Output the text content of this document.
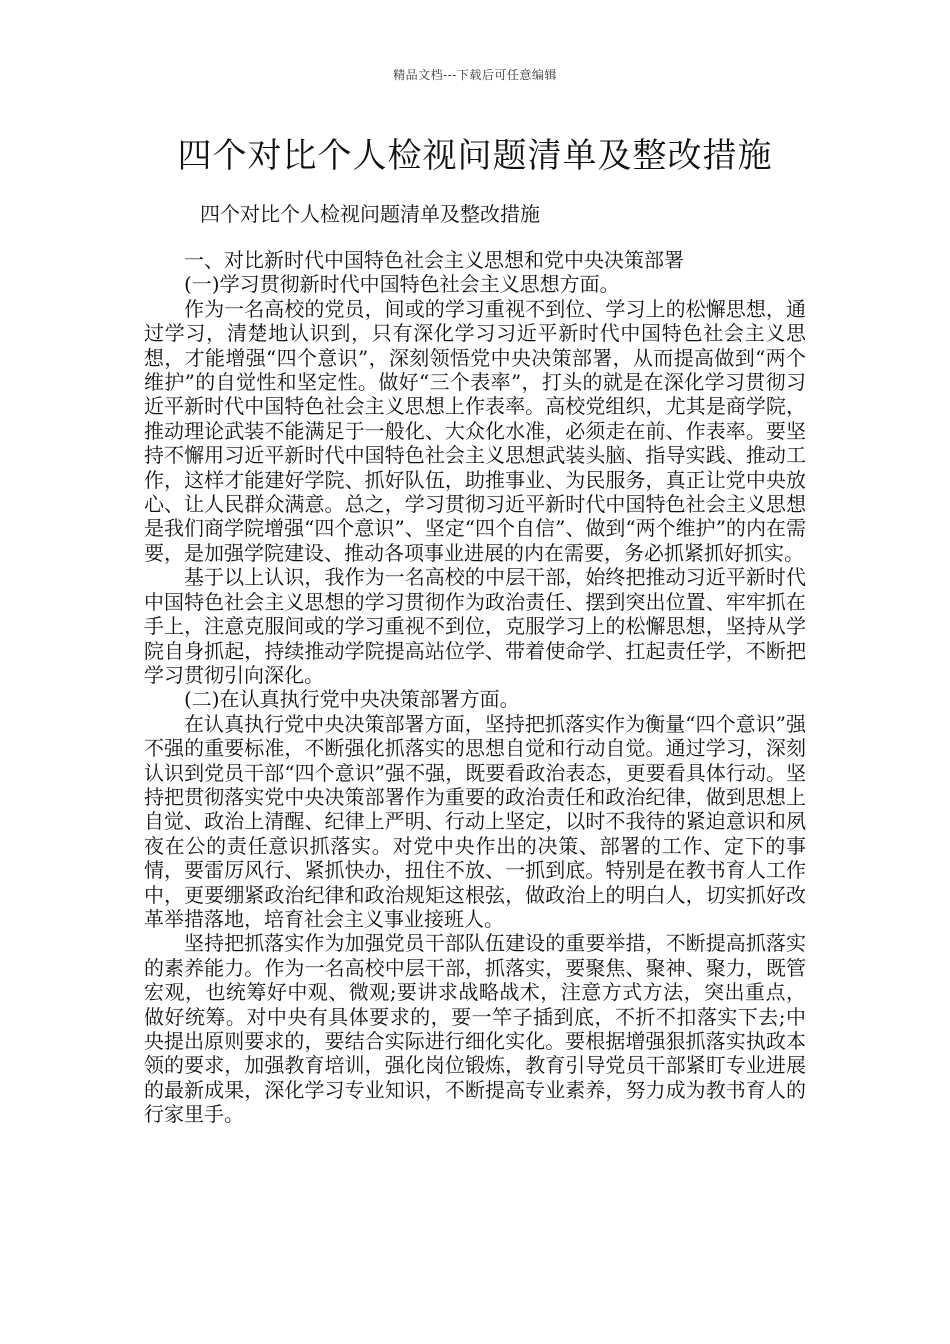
精品文档---下载后可任意编辑
四个对比个人检视问题清单及整改措施

四个对比个人检视问题清单及整改措施

一、对比新时代中国特色社会主义思想和党中央决策部署

(一)学习贯彻新时代中国特色社会主义思想方面。

作为一名高校的党员，间或的学习重视不到位、学习上的松懈思想，通过学习，清楚地认识到，只有深化学习习近平新时代中国特色社会主义思想，才能增强“四个意识”，深刻领悟党中央决策部署，从而提高做到“两个维护”的自觉性和坚定性。做好“三个表率”，打头的就是在深化学习贯彻习近平新时代中国特色社会主义思想上作表率。高校党组织，尤其是商学院，推动理论武装不能满足于一般化、大众化水准，必须走在前、作表率。要坚持不懈用习近平新时代中国特色社会主义思想武装头脑、指导实践、推动工作，这样才能建好学院、抓好队伍，助推事业、为民服务，真正让党中央放心、让人民群众满意。总之，学习贯彻习近平新时代中国特色社会主义思想是我们商学院增强“四个意识”、坚定“四个自信”、做到“两个维护”的内在需要，是加强学院建设、推动各项事业进展的内在需要，务必抓紧抓好抓实。

基于以上认识，我作为一名高校的中层干部，始终把推动习近平新时代中国特色社会主义思想的学习贯彻作为政治责任、摆到突出位置、牢牢抓在手上，注意克服间或的学习重视不到位，克服学习上的松懈思想，坚持从学院自身抓起，持续推动学院提高站位学、带着使命学、扛起责任学，不断把学习贯彻引向深化。

(二)在认真执行党中央决策部署方面。

在认真执行党中央决策部署方面，坚持把抓落实作为衡量“四个意识”强不强的重要标准，不断强化抓落实的思想自觉和行动自觉。通过学习，深刻认识到党员干部“四个意识”强不强，既要看政治表态，更要看具体行动。坚持把贯彻落实党中央决策部署作为重要的政治责任和政治纪律，做到思想上自觉、政治上清醒、纪律上严明、行动上坚定，以时不我待的紧迫意识和夙夜在公的责任意识抓落实。对党中央作出的决策、部署的工作、定下的事情，要雷厉风行、紧抓快办，扭住不放、一抓到底。特别是在教书育人工作中，更要绷紧政治纪律和政治规矩这根弦，做政治上的明白人，切实抓好改革举措落地，培育社会主义事业接班人。

坚持把抓落实作为加强党员干部队伍建设的重要举措，不断提高抓落实的素养能力。作为一名高校中层干部，抓落实，要聚焦、聚神、聚力，既管宏观，也统筹好中观、微观;要讲求战略战术，注意方式方法，突出重点，做好统筹。对中央有具体要求的，要一竿子插到底，不折不扣落实下去;中央提出原则要求的，要结合实际进行细化实化。要根据增强狠抓落实执政本领的要求，加强教育培训，强化岗位锻炼，教育引导党员干部紧盯专业进展的最新成果，深化学习专业知识，不断提高专业素养，努力成为教书育人的行家里手。
